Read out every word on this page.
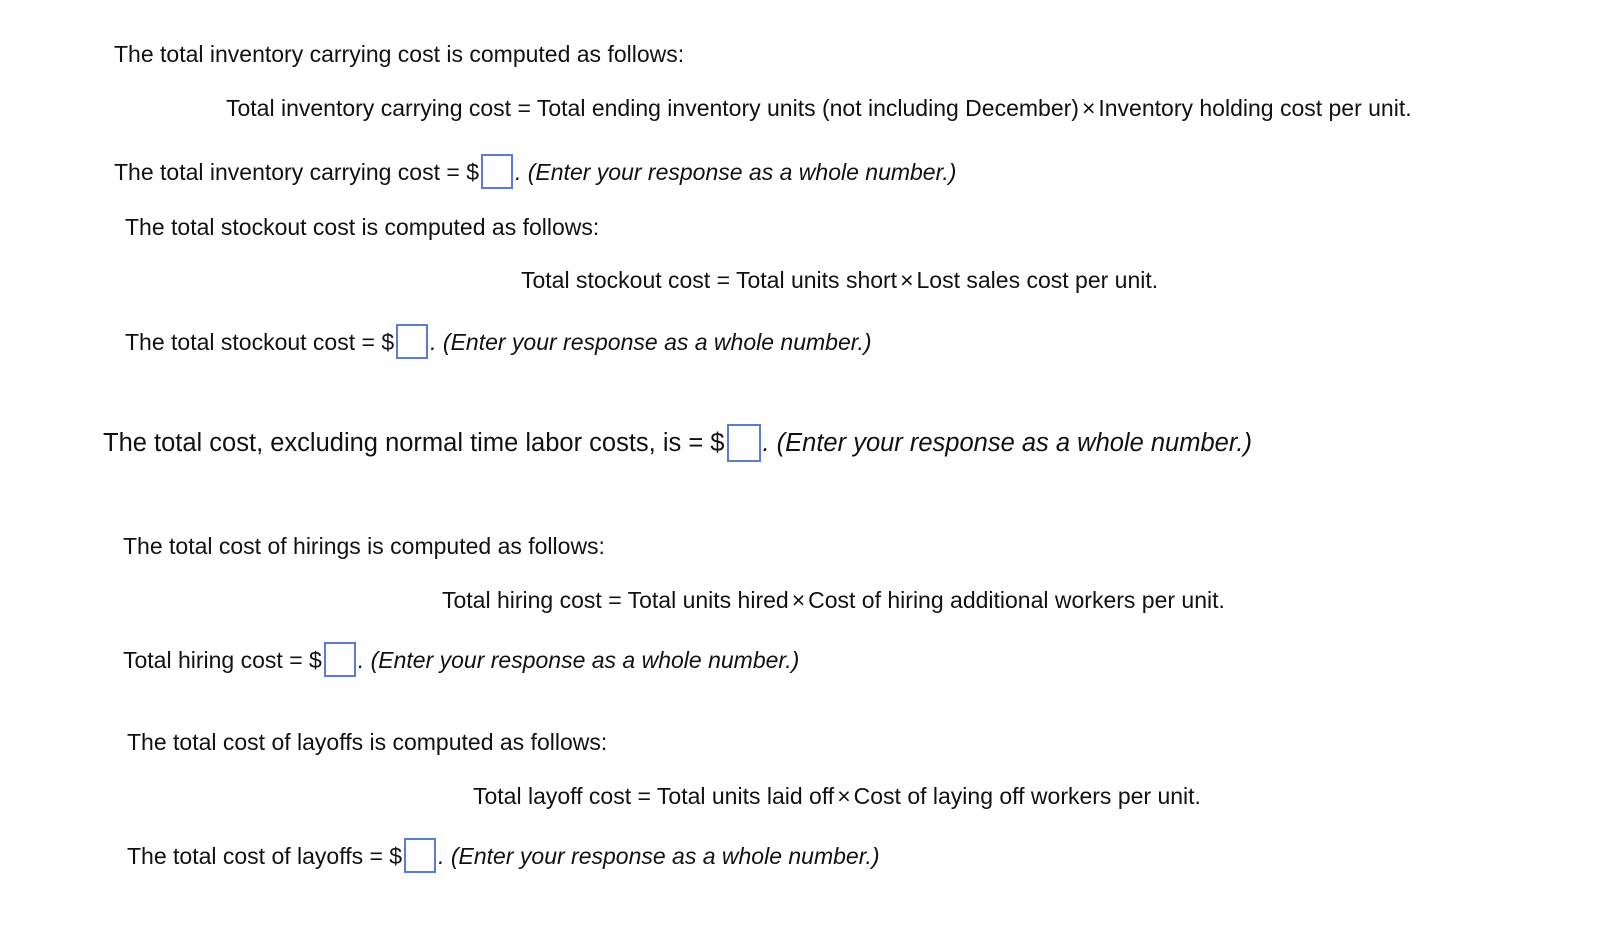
The total inventory carrying cost is computed as follows:
Total inventory carrying cost = Total ending inventory units (not including December) × Inventory holding cost per unit.
The total inventory carrying cost = $ . (Enter your response as a whole number.)
The total stockout cost is computed as follows:
Total stockout cost = Total units short × Lost sales cost per unit.
The total stockout cost = $ . (Enter your response as a whole number.)
The total cost, excluding normal time labor costs, is = $ . (Enter your response as a whole number.)
The total cost of hirings is computed as follows:
Total hiring cost = Total units hired × Cost of hiring additional workers per unit.
Total hiring cost = $ . (Enter your response as a whole number.)
The total cost of layoffs is computed as follows:
Total layoff cost = Total units laid off × Cost of laying off workers per unit.
The total cost of layoffs = $ . (Enter your response as a whole number.)
